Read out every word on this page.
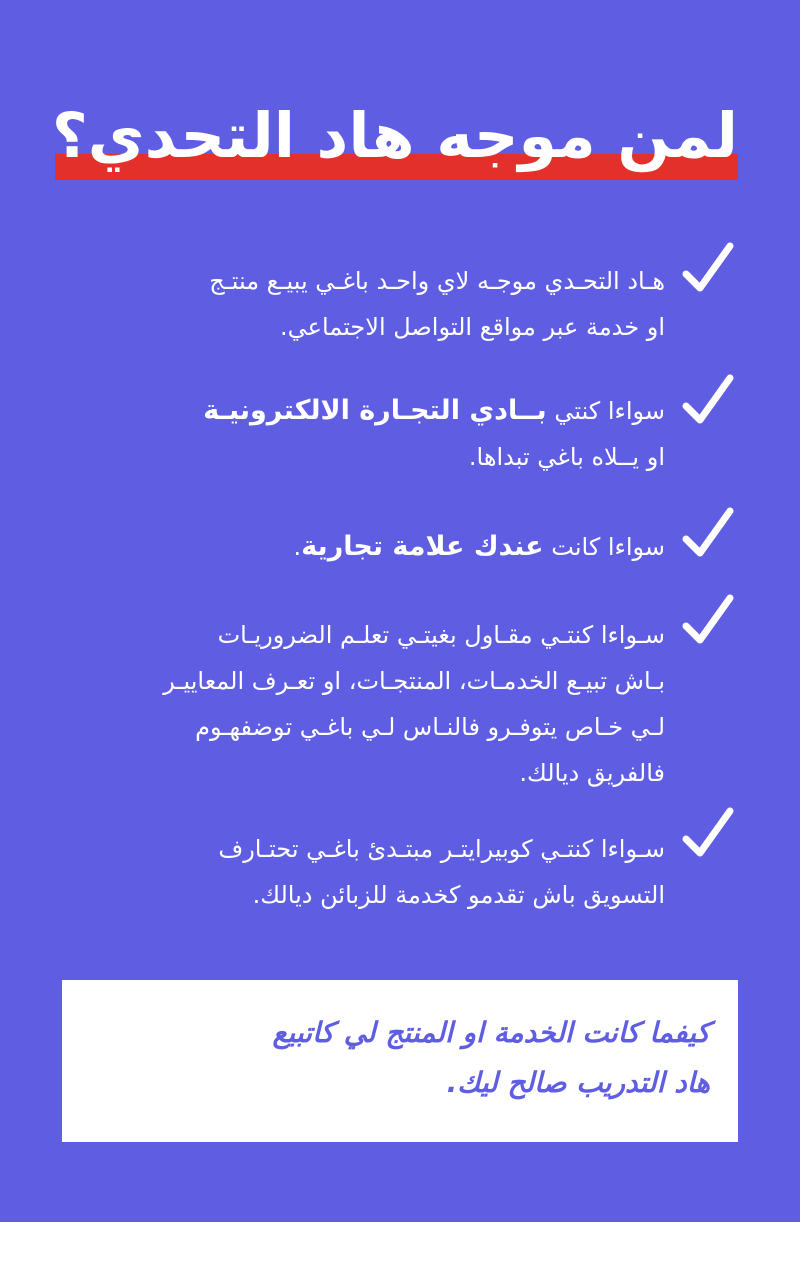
لمن موجه هاد التحدي؟

هـاد التحـدي موجـه لاي واحـد باغـي يبيـع منتـج
او خدمة عبر مواقع التواصل الاجتماعي.

سواءا كنتي بــادي التجـارة الالكترونيـة
او يــلاه باغي تبداها.

سواءا كانت عندك علامة تجارية.

سـواءا كنتـي مقـاول بغيتـي تعلـم الضروريـات
بـاش تبيـع الخدمـات، المنتجـات، او تعـرف المعاييـر
لـي خـاص يتوفـرو فالنـاس لـي باغـي توضفهـوم
فالفريق ديالك.

سـواءا كنتـي كوبيرايتـر مبتـدئ باغـي تحتـارف
التسويق باش تقدمو كخدمة للزبائن ديالك.

كيفما كانت الخدمة او المنتج لي كاتبيع
هاد التدريب صالح ليك.
